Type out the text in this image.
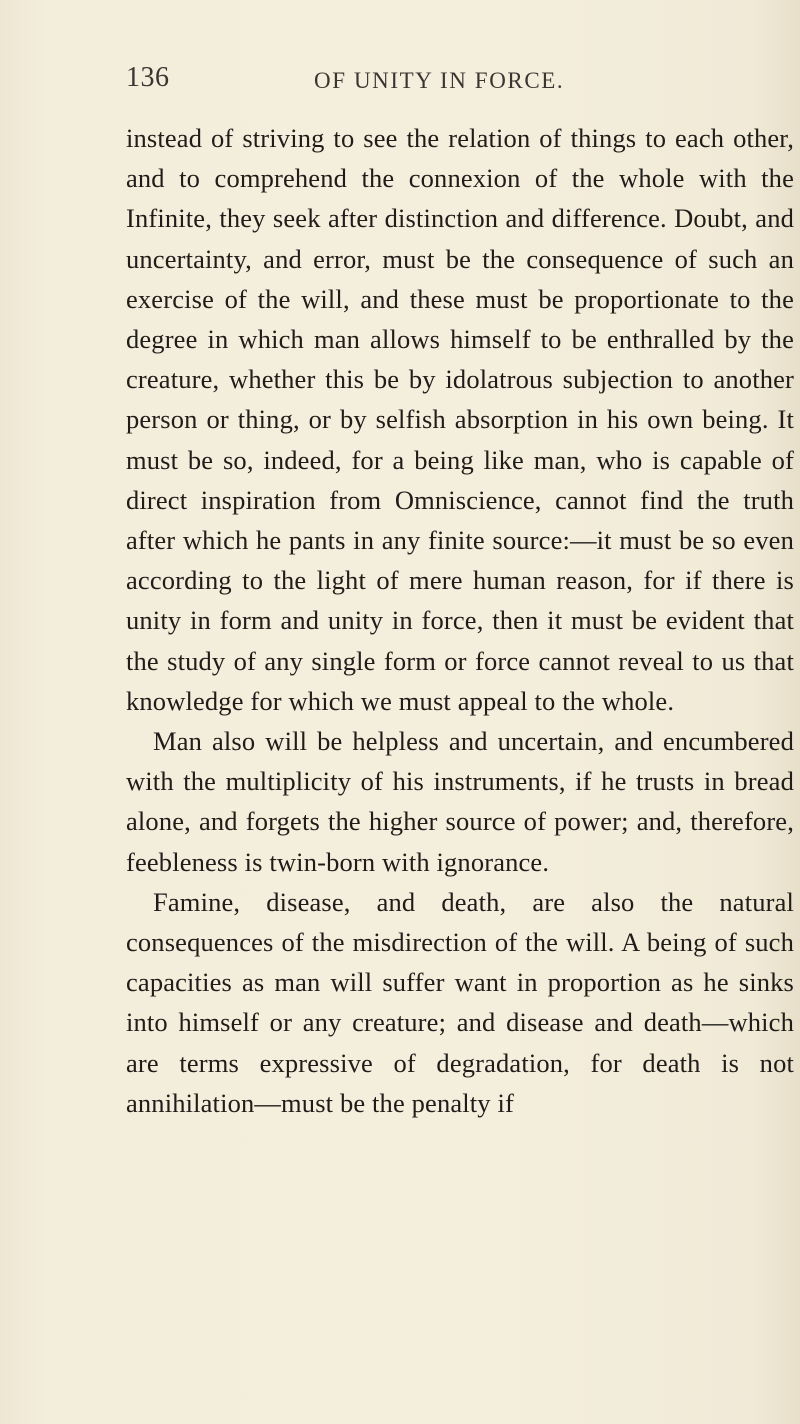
136	OF UNITY IN FORCE.

instead of striving to see the relation of things to each other, and to comprehend the connexion of the whole with the Infinite, they seek after distinction and difference. Doubt, and uncertainty, and error, must be the consequence of such an exercise of the will, and these must be proportionate to the degree in which man allows himself to be enthralled by the creature, whether this be by idolatrous subjection to another person or thing, or by selfish absorption in his own being. It must be so, indeed, for a being like man, who is capable of direct inspiration from Omniscience, cannot find the truth after which he pants in any finite source:—it must be so even according to the light of mere human reason, for if there is unity in form and unity in force, then it must be evident that the study of any single form or force cannot reveal to us that knowledge for which we must appeal to the whole.

Man also will be helpless and uncertain, and encumbered with the multiplicity of his instruments, if he trusts in bread alone, and forgets the higher source of power; and, therefore, feebleness is twin-born with ignorance.

Famine, disease, and death, are also the natural consequences of the misdirection of the will. A being of such capacities as man will suffer want in proportion as he sinks into himself or any creature; and disease and death—which are terms expressive of degradation, for death is not annihilation—must be the penalty if
